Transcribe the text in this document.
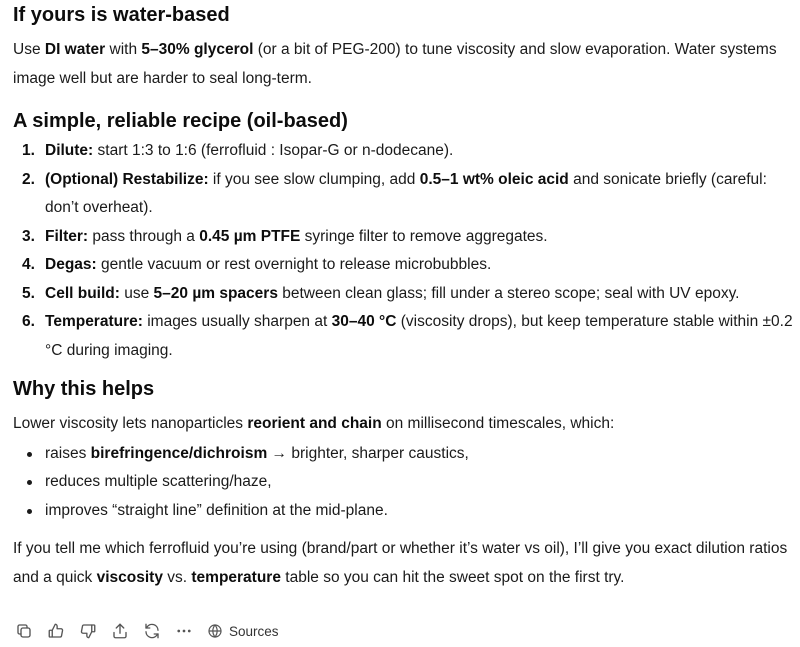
If yours is water-based

Use DI water with 5–30% glycerol (or a bit of PEG-200) to tune viscosity and slow evaporation. Water systems image well but are harder to seal long-term.

A simple, reliable recipe (oil-based)
1. Dilute: start 1:3 to 1:6 (ferrofluid : Isopar-G or n-dodecane).
2. (Optional) Restabilize: if you see slow clumping, add 0.5–1 wt% oleic acid and sonicate briefly (careful: don’t overheat).
3. Filter: pass through a 0.45 µm PTFE syringe filter to remove aggregates.
4. Degas: gentle vacuum or rest overnight to release microbubbles.
5. Cell build: use 5–20 µm spacers between clean glass; fill under a stereo scope; seal with UV epoxy.
6. Temperature: images usually sharpen at 30–40 °C (viscosity drops), but keep temperature stable within ±0.2 °C during imaging.
Why this helps

Lower viscosity lets nanoparticles reorient and chain on millisecond timescales, which:

raises birefringence/dichroism → brighter, sharper caustics,
reduces multiple scattering/haze,
improves “straight line” definition at the mid-plane.

If you tell me which ferrofluid you’re using (brand/part or whether it’s water vs oil), I’ll give you exact dilution ratios and a quick viscosity vs. temperature table so you can hit the sweet spot on the first try.

Sources
